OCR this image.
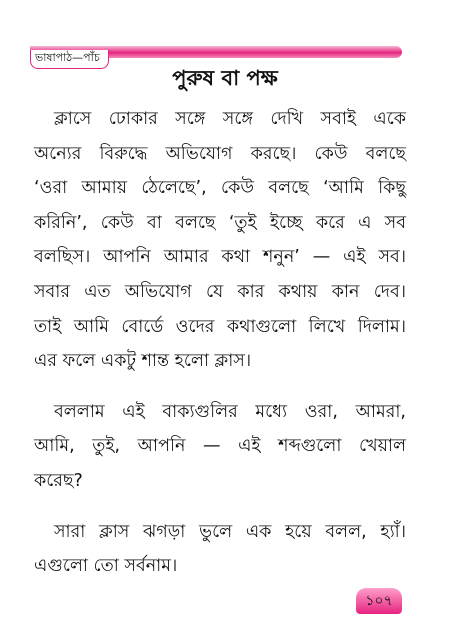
ভাষাপাঠ—পাঁচ
পুরুষ বা পক্ষ
ক্লাসে ঢোকার সঙ্গে সঙ্গে দেখি সবাই একে
অন্যের বিরুদ্ধে অভিযোগ করছে। কেউ বলছে
‘ওরা আমায় ঠেলেছে’, কেউ বলছে ‘আমি কিছু
করিনি’, কেউ বা বলছে ‘তুই ইচ্ছে করে এ সব
বলছিস। আপনি আমার কথা শনুন’ — এই সব।
সবার এত অভিযোগ যে কার কথায় কান দেব।
তাই আমি বোর্ডে ওদের কথাগুলো লিখে দিলাম।
এর ফলে একটু শান্ত হলো ক্লাস।
বললাম এই বাক্যগুলির মধ্যে ওরা, আমরা,
আমি, তুই, আপনি — এই শব্দগুলো খেয়াল
করেছ?
সারা ক্লাস ঝগড়া ভুলে এক হয়ে বলল, হ্যাঁ।
এগুলো তো সর্বনাম।
১০৭
